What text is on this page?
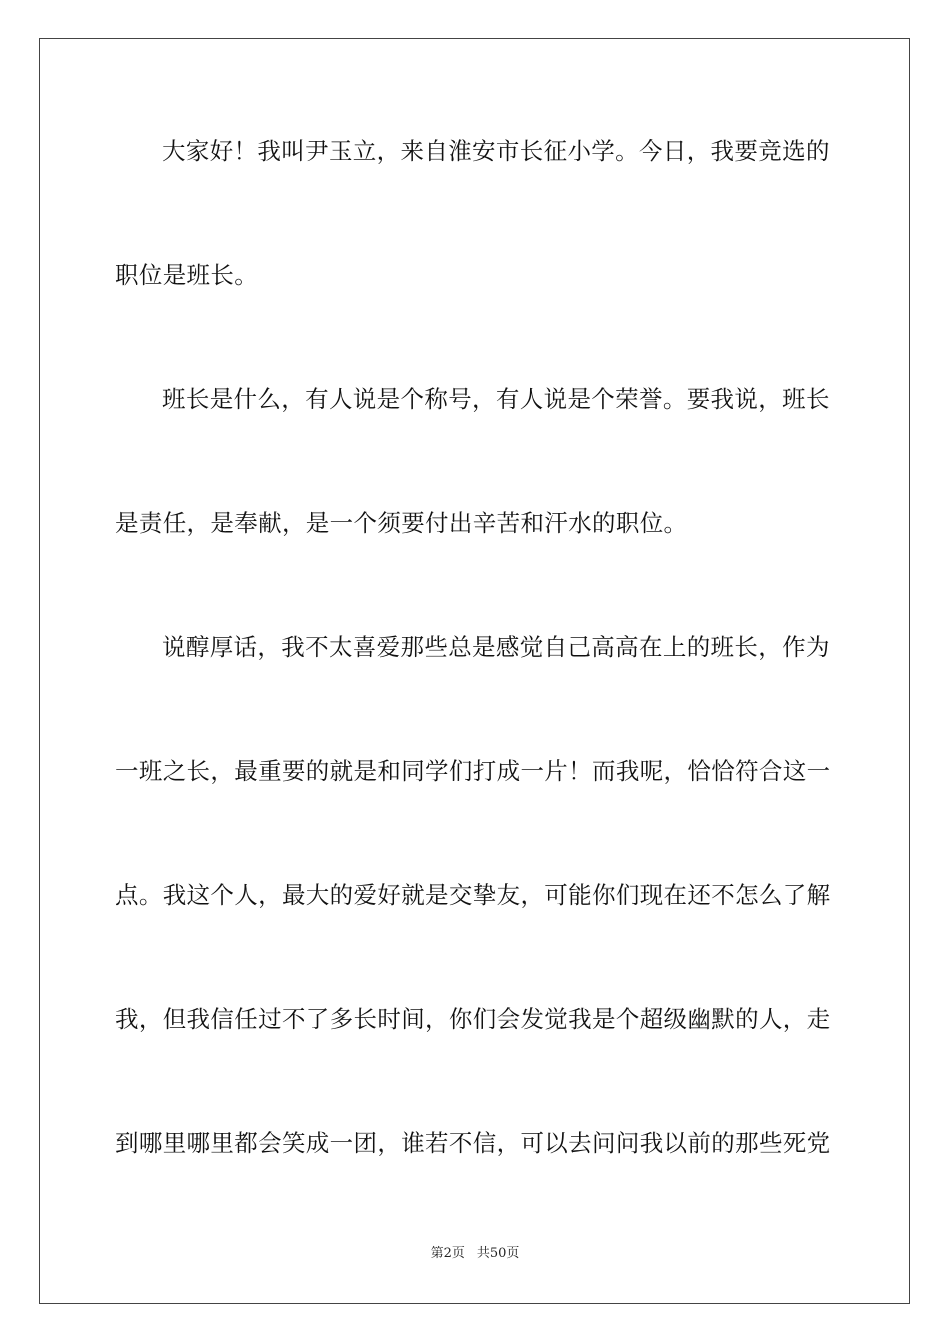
大家好！我叫尹玉立，来自淮安市长征小学。今日，我要竞选的
职位是班长。
班长是什么，有人说是个称号，有人说是个荣誉。要我说，班长
是责任，是奉献，是一个须要付出辛苦和汗水的职位。
说醇厚话，我不太喜爱那些总是感觉自己高高在上的班长，作为
一班之长，最重要的就是和同学们打成一片！而我呢，恰恰符合这一
点。我这个人，最大的爱好就是交挚友，可能你们现在还不怎么了解
我，但我信任过不了多长时间，你们会发觉我是个超级幽默的人，走
到哪里哪里都会笑成一团，谁若不信，可以去问问我以前的那些死党
第2页 共50页
